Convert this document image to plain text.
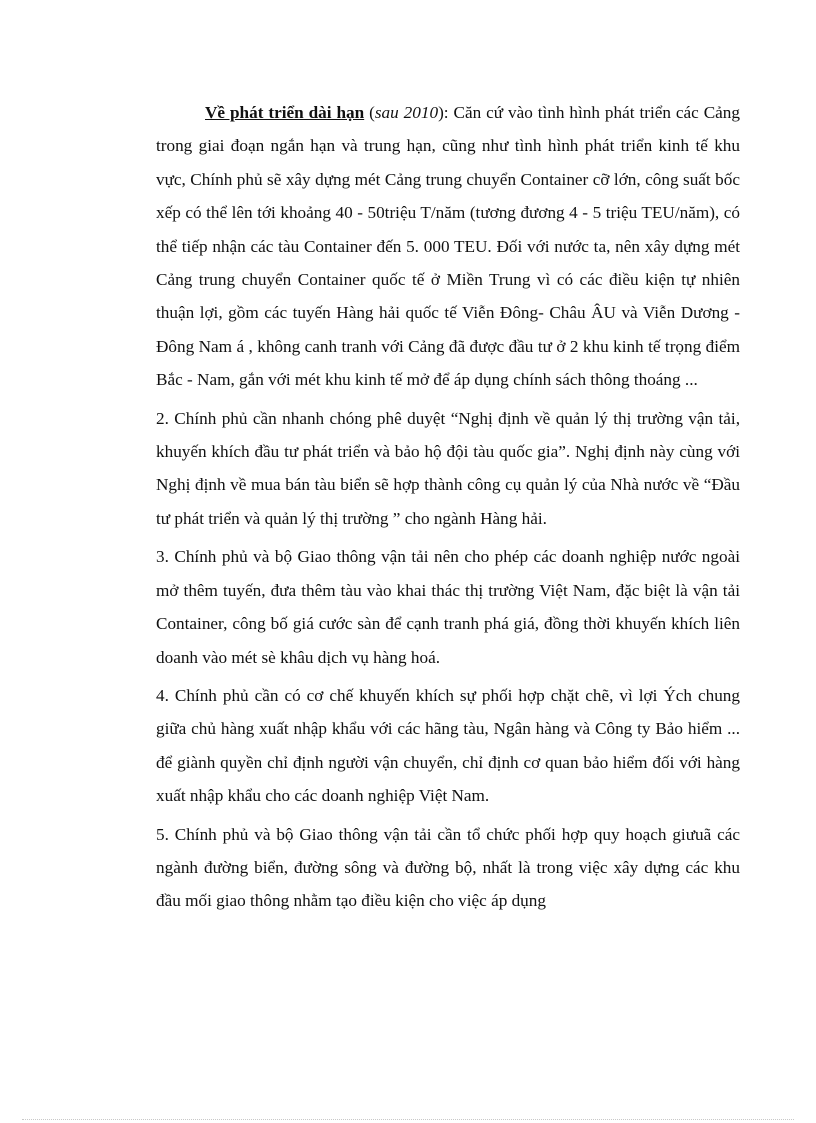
Về phát triển dài hạn (sau 2010): Căn cứ vào tình hình phát triển các Cảng trong giai đoạn ngắn hạn và trung hạn, cũng như tình hình phát triển kinh tế khu vực, Chính phủ sẽ xây dựng mét Cảng trung chuyển Container cỡ lớn, công suất bốc xếp có thể lên tới khoảng 40 - 50triệu T/năm (tương đương 4 - 5 triệu TEU/năm), có thể tiếp nhận các tàu Container đến 5. 000 TEU. Đối với nước ta, nên xây dựng mét Cảng trung chuyển Container quốc tế ở Miền Trung vì có các điều kiện tự nhiên thuận lợi, gồm các tuyến Hàng hải quốc tế Viễn Đông- Châu ÂU và Viễn Dương - Đông Nam á , không canh tranh với Cảng đã được đầu tư ở 2 khu kinh tế trọng điểm Bắc - Nam, gắn với mét khu kinh tế mở để áp dụng chính sách thông thoáng ...

2. Chính phủ cần nhanh chóng phê duyệt “Nghị định về quản lý thị trường vận tải, khuyến khích đầu tư phát triển và bảo hộ đội tàu quốc gia”. Nghị định này cùng với Nghị định về mua bán tàu biển sẽ hợp thành công cụ quản lý của Nhà nước về “Đầu tư phát triển và quản lý thị trường ” cho ngành Hàng hải.

3. Chính phủ và bộ Giao thông vận tải nên cho phép các doanh nghiệp nước ngoài mở thêm tuyến, đưa thêm tàu vào khai thác thị trường Việt Nam, đặc biệt là vận tải Container, công bố giá cước sàn để cạnh tranh phá giá, đồng thời khuyến khích liên doanh vào mét sè khâu dịch vụ hàng hoá.

4. Chính phủ cần có cơ chế khuyến khích sự phối hợp chặt chẽ, vì lợi Ých chung giữa chủ hàng xuất nhập khẩu với các hãng tàu, Ngân hàng và Công ty Bảo hiểm ... để giành quyền chỉ định người vận chuyển, chỉ định cơ quan bảo hiểm đối với hàng xuất nhập khẩu cho các doanh nghiệp Việt Nam.

5. Chính phủ và bộ Giao thông vận tải cần tổ chức phối hợp quy hoạch giưuã các ngành đường biển, đường sông và đường bộ, nhất là trong việc xây dựng các khu đầu mối giao thông nhằm tạo điều kiện cho việc áp dụng
